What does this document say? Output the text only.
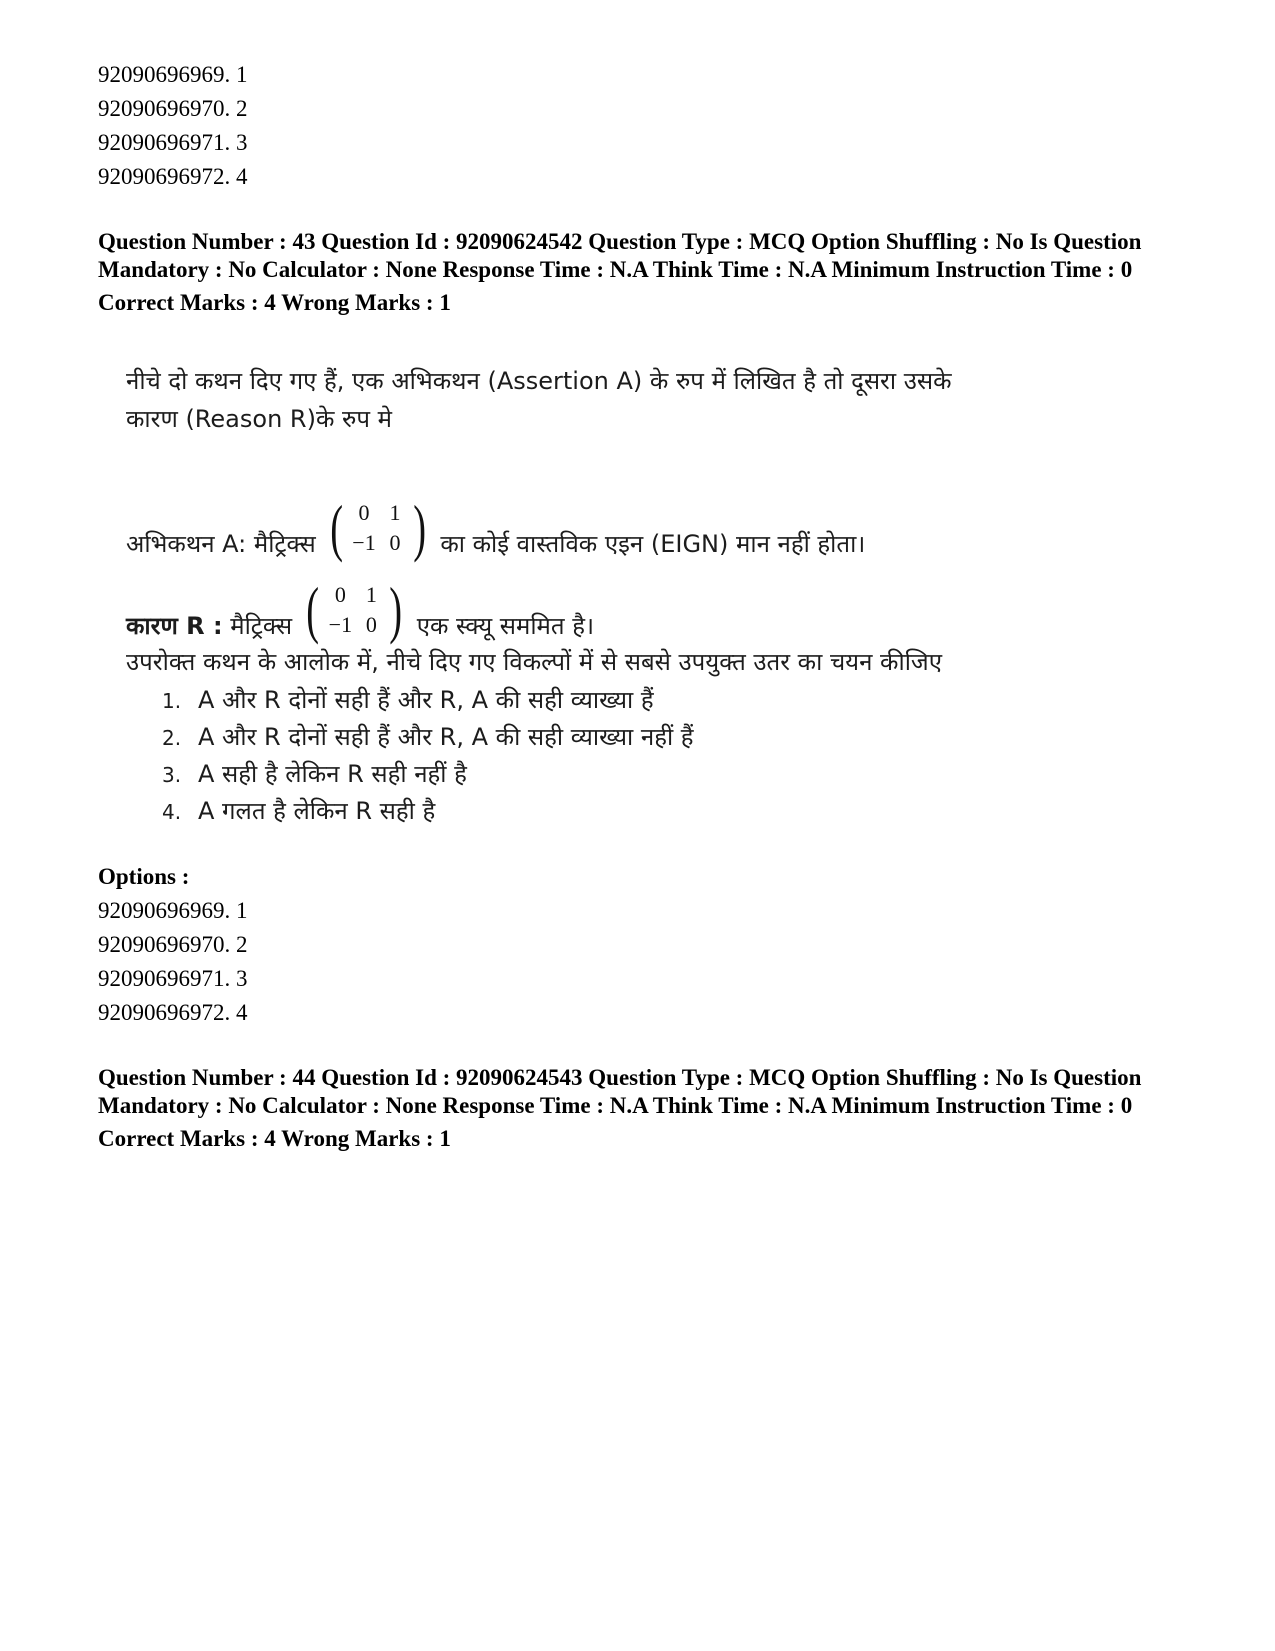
92090696969. 1
92090696970. 2
92090696971. 3
92090696972. 4
Question Number : 43 Question Id : 92090624542 Question Type : MCQ Option Shuffling : No Is Question Mandatory : No Calculator : None Response Time : N.A Think Time : N.A Minimum Instruction Time : 0
Correct Marks : 4 Wrong Marks : 1
नीचे दो कथन दिए गए हैं, एक अभिकथन (Assertion A) के रुप में लिखित है तो दूसरा उसके कारण (Reason R)के रुप मे
अभिकथन A: मैट्रिक्स ( 0 1
−1 0 ) का कोई वास्तविक एइन (EIGN) मान नहीं होता।
कारण R : मैट्रिक्स ( 0 1
−1 0 ) एक स्क्यू सममित है।
उपरोक्त कथन के आलोक में, नीचे दिए गए विकल्पों में से सबसे उपयुक्त उतर का चयन कीजिए
1. A और R दोनों सही हैं और R, A की सही व्याख्या हैं
2. A और R दोनों सही हैं और R, A की सही व्याख्या नहीं हैं
3. A सही है लेकिन R सही नहीं है
4. A गलत है लेकिन R सही है
Options :
92090696969. 1
92090696970. 2
92090696971. 3
92090696972. 4
Question Number : 44 Question Id : 92090624543 Question Type : MCQ Option Shuffling : No Is Question Mandatory : No Calculator : None Response Time : N.A Think Time : N.A Minimum Instruction Time : 0
Correct Marks : 4 Wrong Marks : 1
